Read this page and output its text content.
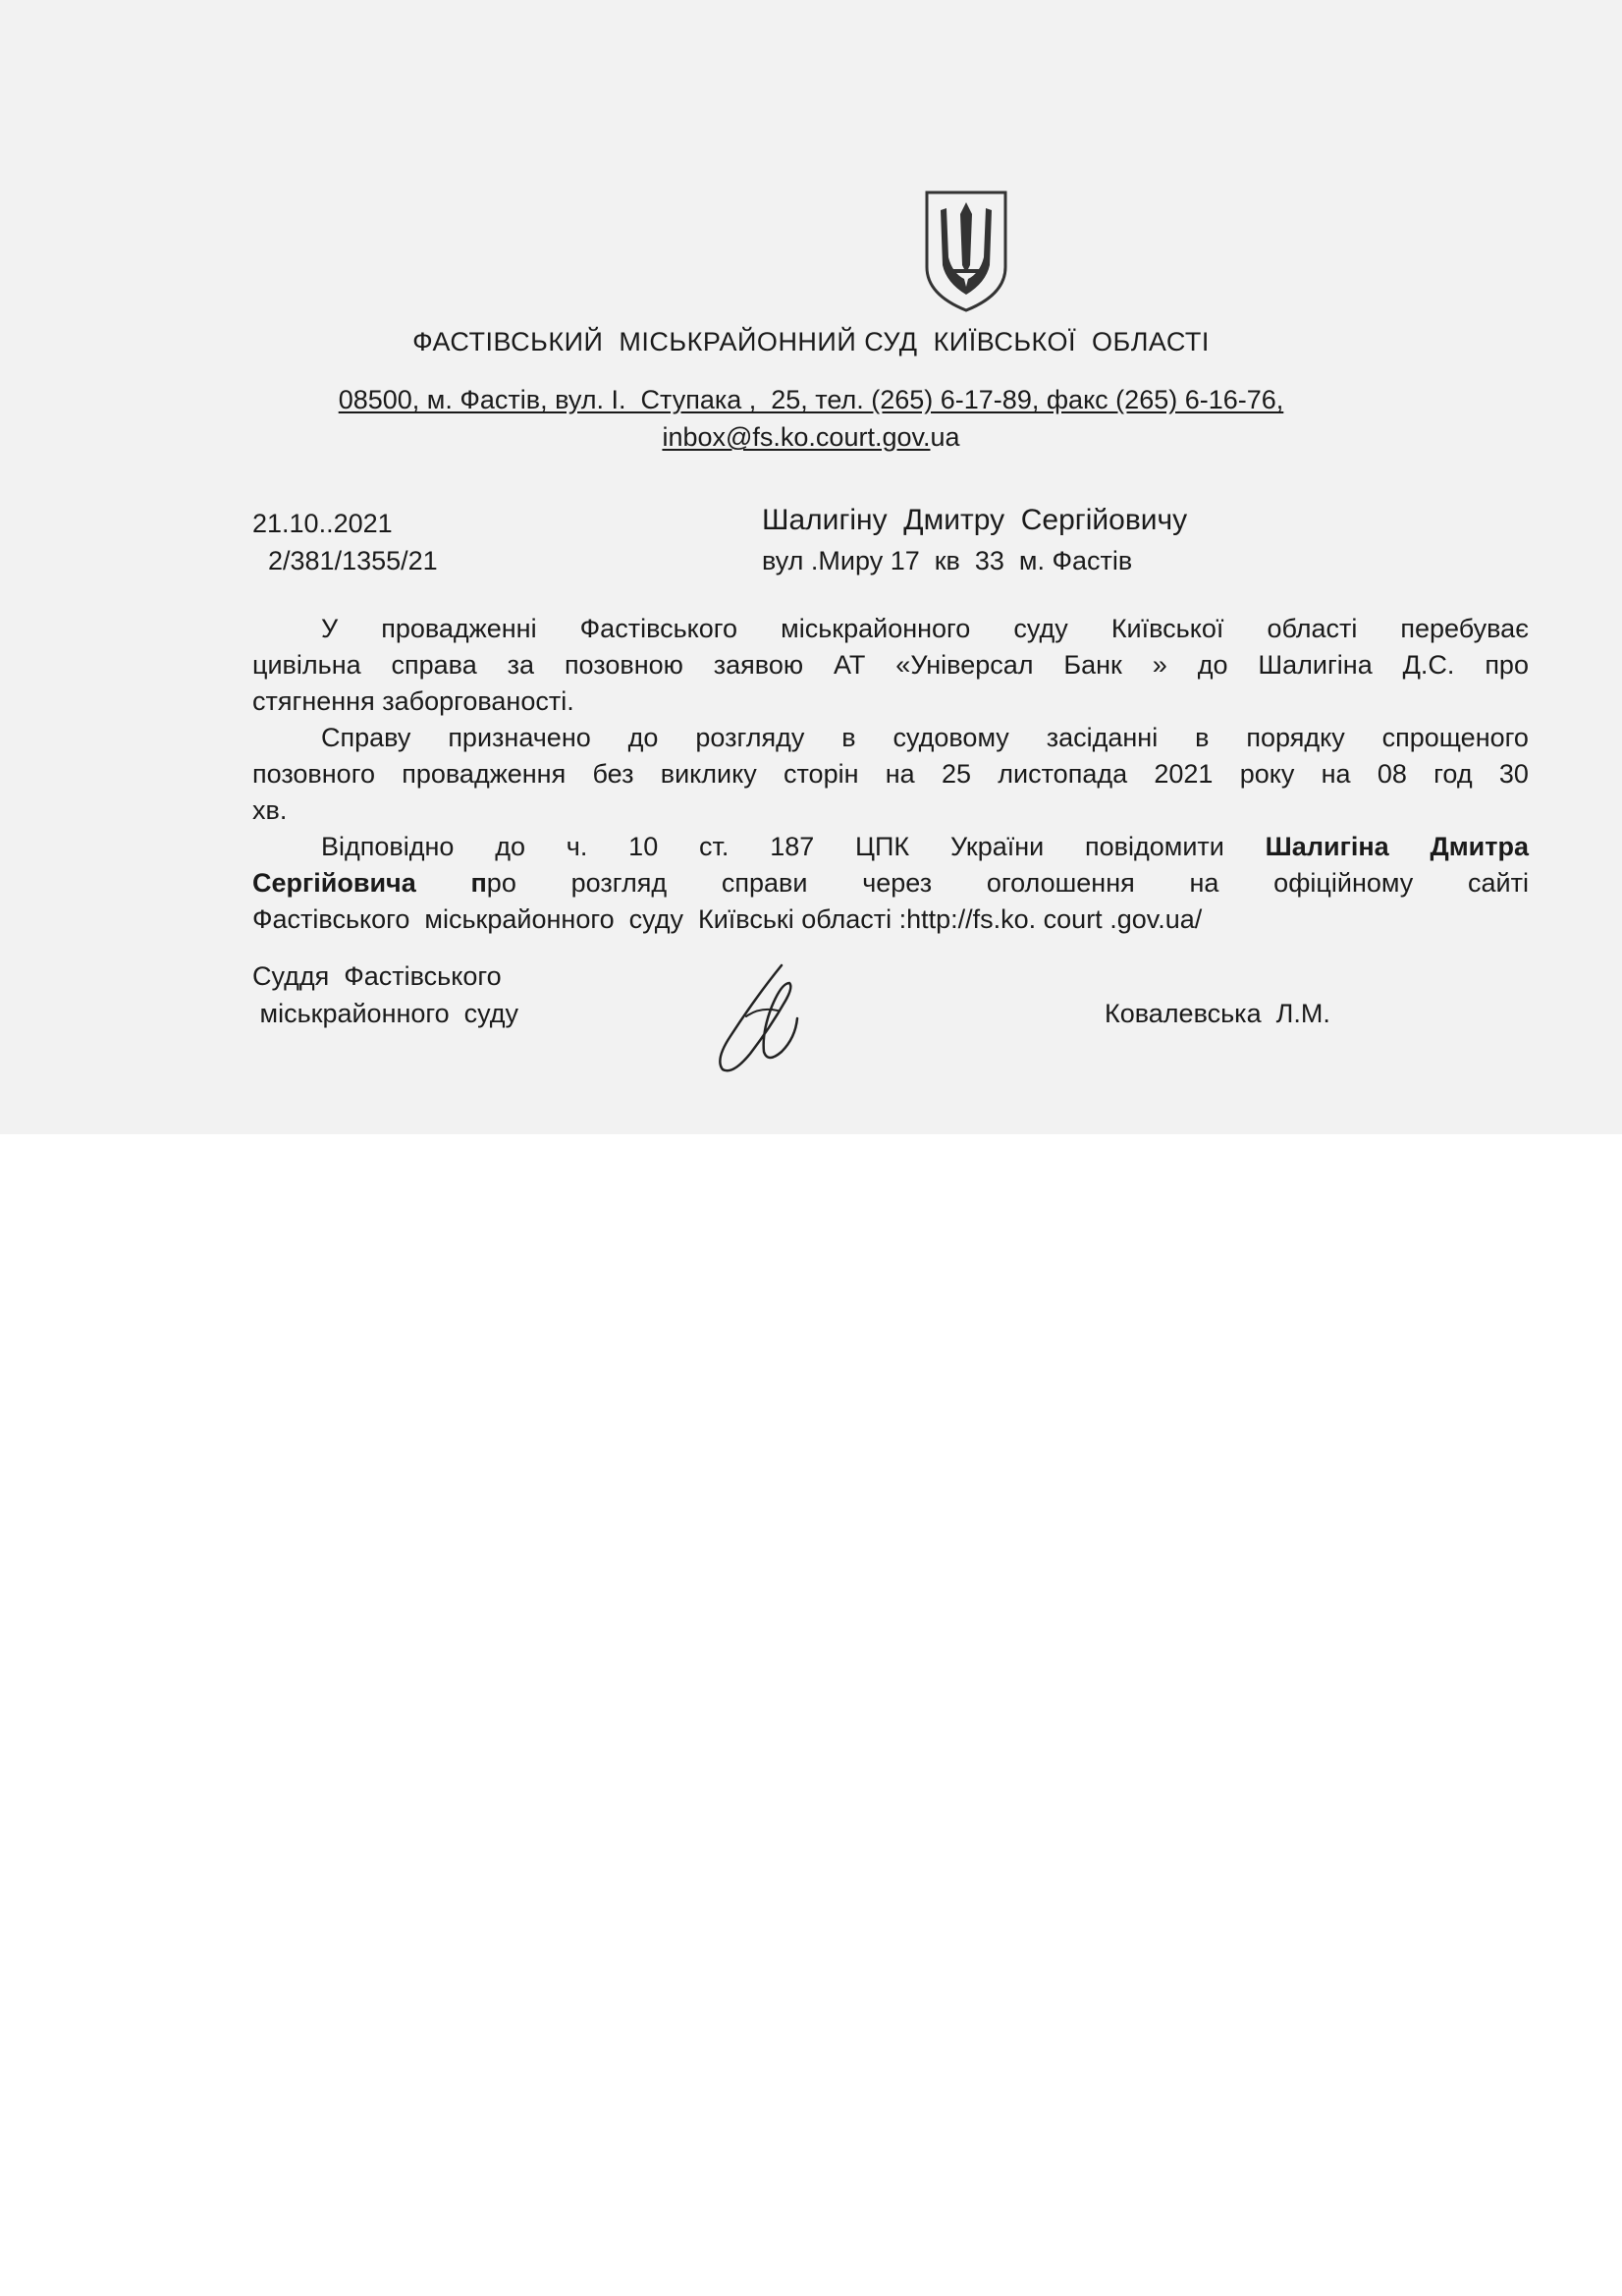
ФАСТІВСЬКИЙ  МІСЬКРАЙОННИЙ СУД  КИЇВСЬКОЇ  ОБЛАСТІ
08500, м. Фастів, вул. І.  Ступака ,  25, тел. (265) 6-17-89, факс (265) 6-16-76,
inbox@fs.ko.court.gov.ua
21.10..2021
2/381/1355/21
Шалигіну  Дмитру  Сергійовичу
вул .Миру 17  кв  33  м. Фастів
У провадженні Фастівського міськрайонного суду Київської області перебуває
цивільна справа за позовною заявою АТ «Універсал Банк » до Шалигіна Д.С. про
стягнення заборгованості.
Справу призначено до розгляду в судовому засіданні в порядку спрощеного
позовного провадження без виклику сторін на 25 листопада 2021 року на 08 год 30
хв.
Відповідно до ч. 10 ст. 187 ЦПК України повідомити Шалигіна Дмитра
Сергійовича про розгляд справи через оголошення на офіційному сайті
Фастівського  міськрайонного  суду  Київські області :http://fs.ko. court .gov.ua/
Суддя  Фастівського
міськрайонного  суду	Ковалевська  Л.М.
